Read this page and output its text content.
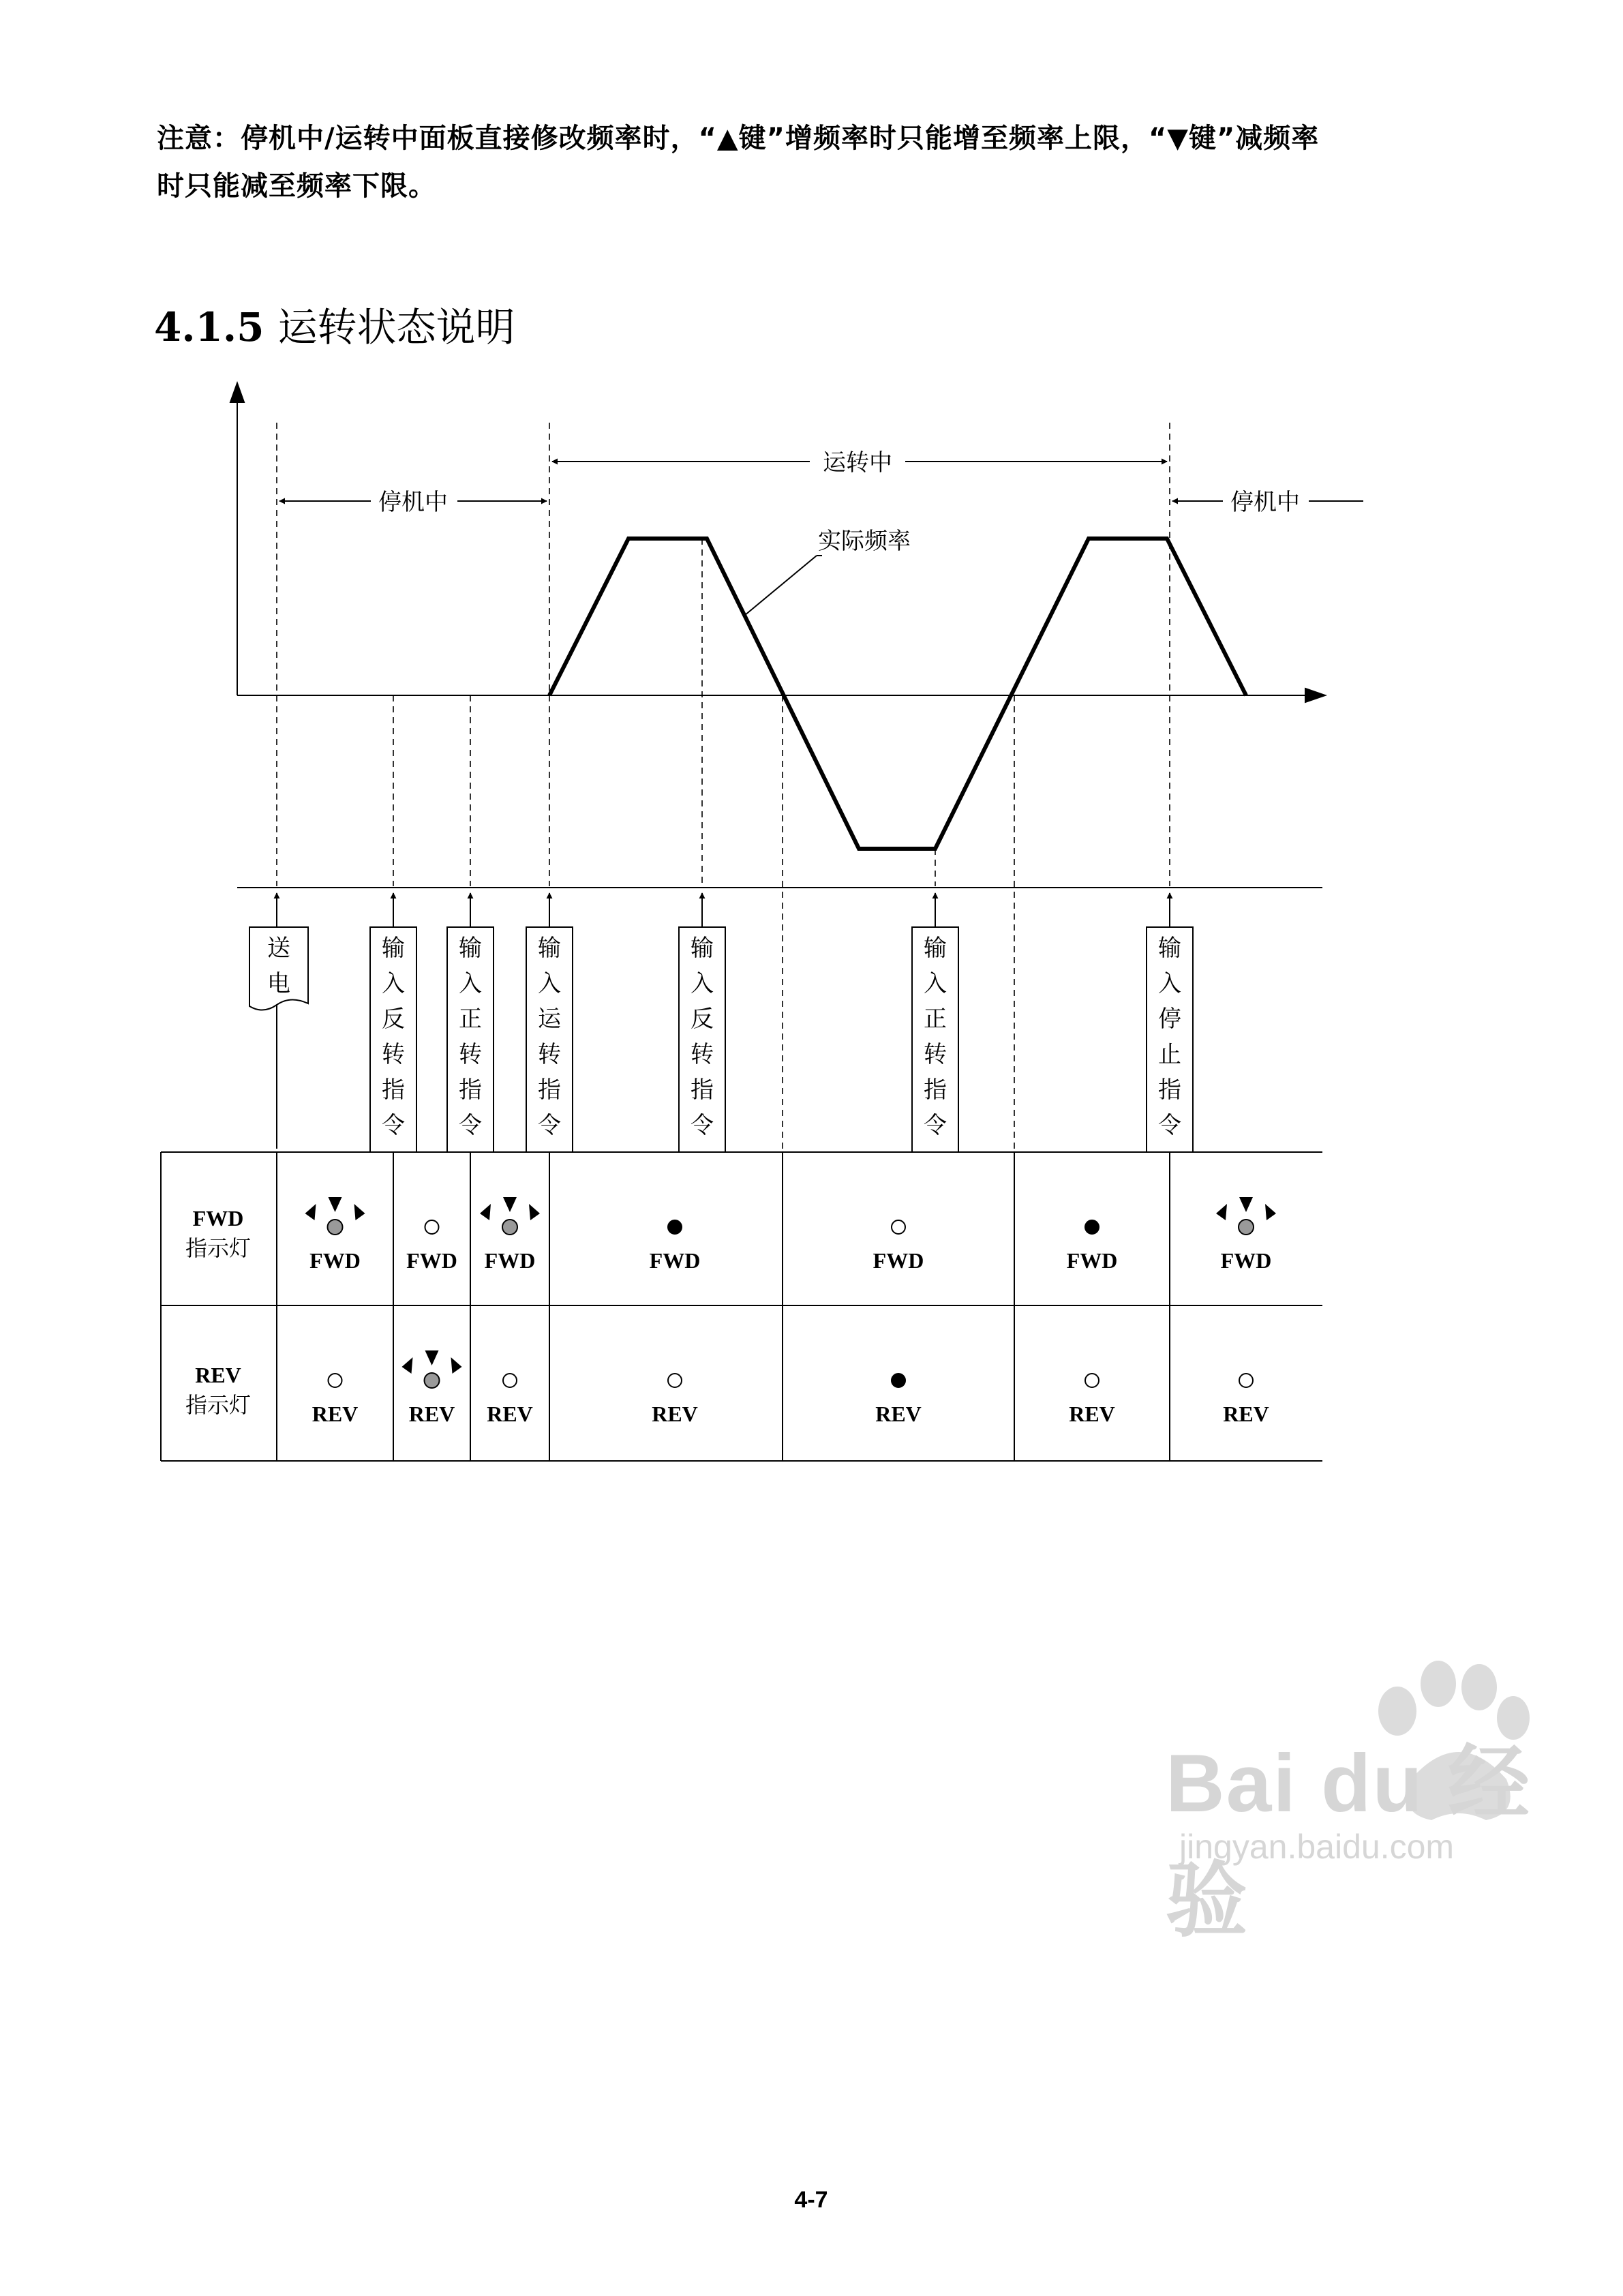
注意：停机中/运转中面板直接修改频率时，“▲键”增频率时只能增至频率上限，“▼键”减频率

时只能减至频率下限。

4.1.5 运转状态说明
停机中
运转中
停机中
实际频率
送电
输入反转指令
输入正转指令
输入运转指令
输入反转指令
输入正转指令
输入停止指令
FWD
指示灯
REV
指示灯
FWD FWD FWD	FWD	FWD	FWD	FWD
REV REV REV	REV	REV	REV	REV
4-7
Bai du 经验
jingyan.baidu.com
